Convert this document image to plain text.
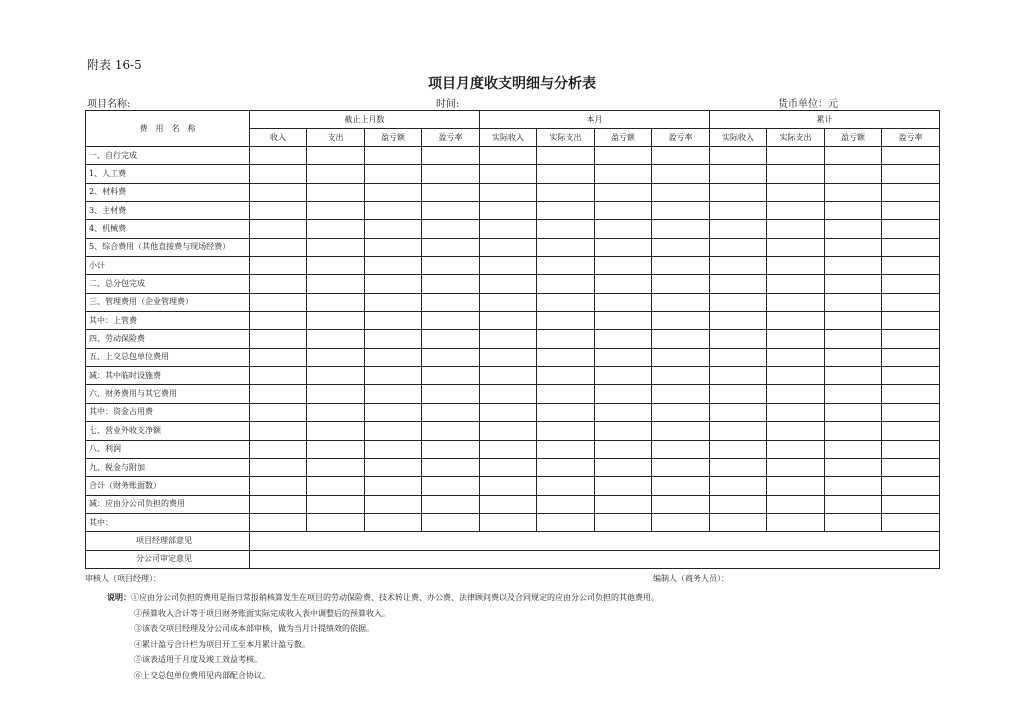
附表 16-5
项目月度收支明细与分析表
项目名称:	时间:	货币单位：元
费　用　名　称	截止上月数				本月				累计			
	收入	支出	盈亏额	盈亏率	实际收入	实际支出	盈亏额	盈亏率	实际收入	实际支出	盈亏额	盈亏率
一、自行完成												
1、人工费												
2、材料费												
3、主材费												
4、机械费												
5、综合费用（其他直接费与现场经费）												
小计												
二、总分包完成												
三、管理费用（企业管理费）												
其中：上管费												
四、劳动保险费												
五、上交总包单位费用												
减：其中临时设施费												
六、财务费用与其它费用												
其中：资金占用费												
七、营业外收支净额												
八、利润												
九、税金与附加												
合计（财务账面数）												
减：应由分公司负担的费用												
其中：												
项目经理部意见												
分公司审定意见												
审核人（项目经理）：	编制人（商务人员）：
说明：①应由分公司负担的费用是指日常报销核算发生在项目的劳动保险费、技术转让费、办公费、法律顾问费以及合同规定的应由分公司负担的其他费用。
②预算收入合计等于项目财务账面实际完成收入表中调整后的预算收入。
③该表交项目经理及分公司成本部审核，做为当月计提绩效的依据。
④累计盈亏合计栏为项目开工至本月累计盈亏数。
⑤该表适用于月度及竣工效益考核。
⑥上交总包单位费用见内部配合协议。
